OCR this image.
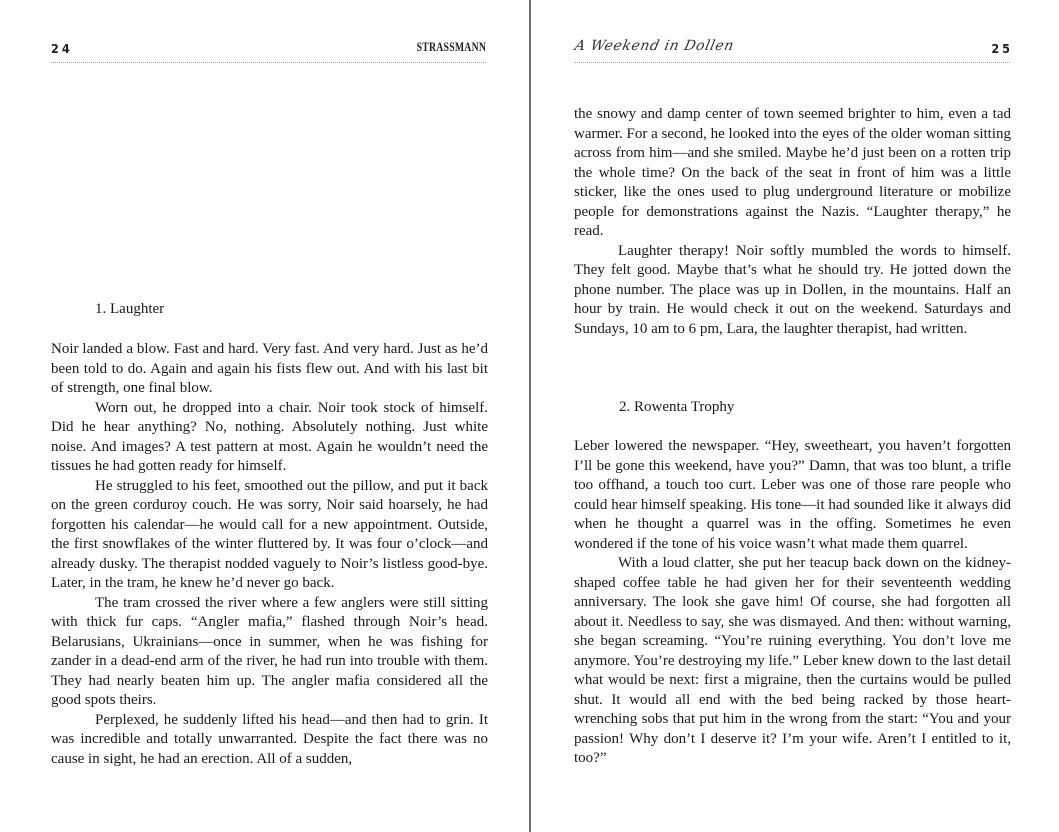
24	STRASSMANN
1. Laughter

Noir landed a blow. Fast and hard. Very fast. And very hard. Just as he’d been told to do. Again and again his fists flew out. And with his last bit of strength, one final blow.

Worn out, he dropped into a chair. Noir took stock of himself. Did he hear anything? No, nothing. Absolutely nothing. Just white noise. And images? A test pattern at most. Again he wouldn’t need the tissues he had gotten ready for himself.

He struggled to his feet, smoothed out the pillow, and put it back on the green corduroy couch. He was sorry, Noir said hoarsely, he had forgotten his calendar—he would call for a new appointment. Outside, the first snowflakes of the winter fluttered by. It was four o’clock—and already dusky. The therapist nodded vaguely to Noir’s listless good-bye. Later, in the tram, he knew he’d never go back.

The tram crossed the river where a few anglers were still sitting with thick fur caps. “Angler mafia,” flashed through Noir’s head. Belarusians, Ukrainians—once in summer, when he was fishing for zander in a dead-end arm of the river, he had run into trouble with them. They had nearly beaten him up. The angler mafia considered all the good spots theirs.

Perplexed, he suddenly lifted his head—and then had to grin. It was incredible and totally unwarranted. Despite the fact there was no cause in sight, he had an erection. All of a sudden,

A Weekend in Dollen	25

the snowy and damp center of town seemed brighter to him, even a tad warmer. For a second, he looked into the eyes of the older woman sitting across from him—and she smiled. Maybe he’d just been on a rotten trip the whole time? On the back of the seat in front of him was a little sticker, like the ones used to plug underground literature or mobilize people for demonstrations against the Nazis. “Laughter therapy,” he read.

Laughter therapy! Noir softly mumbled the words to himself. They felt good. Maybe that’s what he should try. He jotted down the phone number. The place was up in Dollen, in the mountains. Half an hour by train. He would check it out on the weekend. Saturdays and Sundays, 10 am to 6 pm, Lara, the laughter therapist, had written.

2. Rowenta Trophy

Leber lowered the newspaper. “Hey, sweetheart, you haven’t forgotten I’ll be gone this weekend, have you?” Damn, that was too blunt, a trifle too offhand, a touch too curt. Leber was one of those rare people who could hear himself speaking. His tone—it had sounded like it always did when he thought a quarrel was in the offing. Sometimes he even wondered if the tone of his voice wasn’t what made them quarrel.

With a loud clatter, she put her teacup back down on the kidney-shaped coffee table he had given her for their seventeenth wedding anniversary. The look she gave him! Of course, she had forgotten all about it. Needless to say, she was dismayed. And then: without warning, she began screaming. “You’re ruining everything. You don’t love me anymore. You’re destroying my life.” Leber knew down to the last detail what would be next: first a migraine, then the curtains would be pulled shut. It would all end with the bed being racked by those heart-wrenching sobs that put him in the wrong from the start: “You and your passion! Why don’t I deserve it? I’m your wife. Aren’t I entitled to it, too?”
